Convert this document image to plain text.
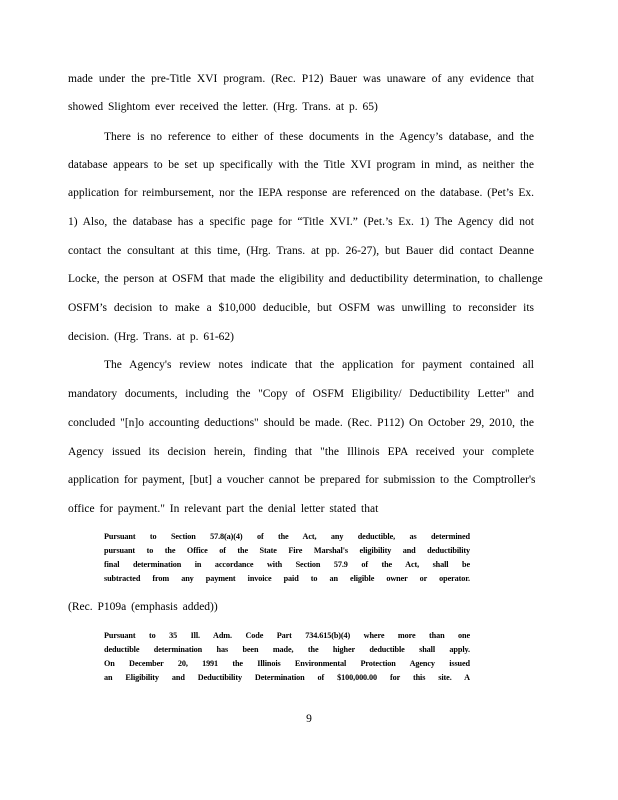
made under the pre-Title XVI program. (Rec. P12) Bauer was unaware of any evidence that
showed Slightom ever received the letter. (Hrg. Trans. at p. 65)
There is no reference to either of these documents in the Agency’s database, and the
database appears to be set up specifically with the Title XVI program in mind, as neither the
application for reimbursement, nor the IEPA response are referenced on the database. (Pet’s Ex.
1) Also, the database has a specific page for “Title XVI.” (Pet.’s Ex. 1) The Agency did not
contact the consultant at this time, (Hrg. Trans. at pp. 26-27), but Bauer did contact Deanne
Locke, the person at OSFM that made the eligibility and deductibility determination, to challenge
OSFM’s decision to make a $10,000 deducible, but OSFM was unwilling to reconsider its
decision. (Hrg. Trans. at p. 61-62)
The Agency's review notes indicate that the application for payment contained all
mandatory documents, including the "Copy of OSFM Eligibility/ Deductibility Letter" and
concluded "[n]o accounting deductions" should be made. (Rec. P112) On October 29, 2010, the
Agency issued its decision herein, finding that "the Illinois EPA received your complete
application for payment, [but] a voucher cannot be prepared for submission to the Comptroller's
office for payment." In relevant part the denial letter stated that
Pursuant to Section 57.8(a)(4) of the Act, any deductible, as determined
pursuant to the Office of the State Fire Marshal's eligibility and deductibility
final determination in accordance with Section 57.9 of the Act, shall be
subtracted from any payment invoice paid to an eligible owner or operator.
(Rec. P109a (emphasis added))
Pursuant to 35 Ill. Adm. Code Part 734.615(b)(4) where more than one
deductible determination has been made, the higher deductible shall apply.
On December 20, 1991 the Illinois Environmental Protection Agency issued
an Eligibility and Deductibility Determination of $100,000.00 for this site. A
9
